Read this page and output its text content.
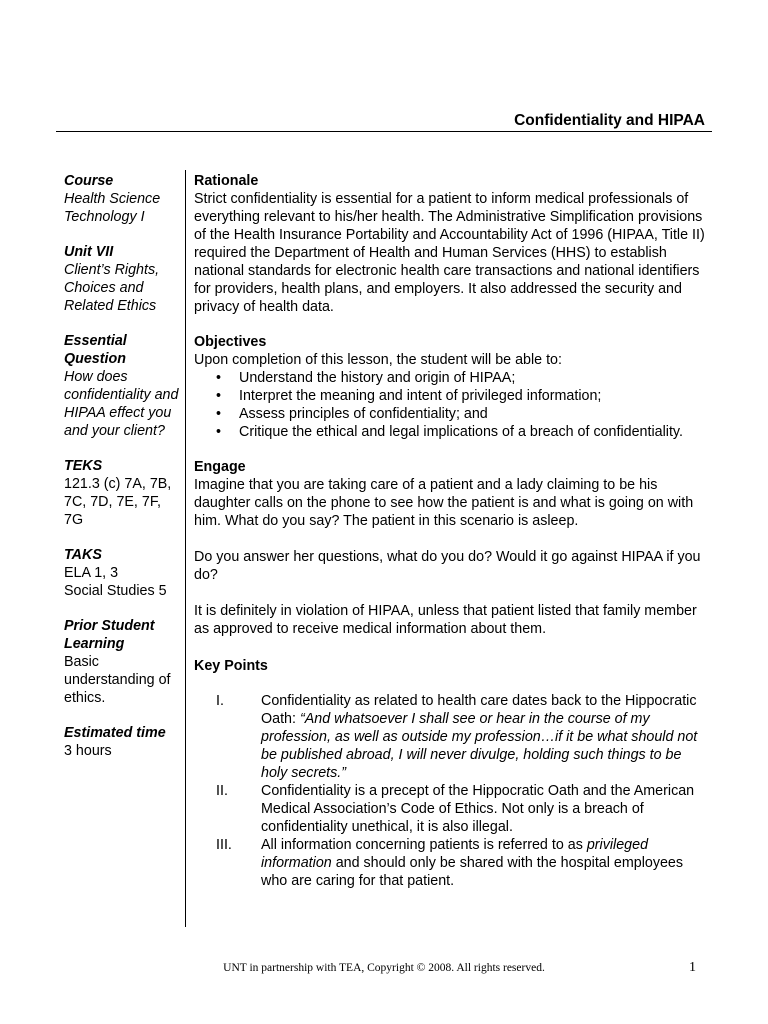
Confidentiality and HIPAA
Course
Health Science Technology I
Unit VII
Client’s Rights, Choices and Related Ethics
Essential Question
How does confidentiality and HIPAA effect you and your client?
TEKS
121.3 (c) 7A, 7B, 7C, 7D, 7E, 7F, 7G
TAKS
ELA 1, 3
Social Studies 5
Prior Student Learning
Basic understanding of ethics.
Estimated time
3 hours
Rationale

Strict confidentiality is essential for a patient to inform medical professionals of everything relevant to his/her health. The Administrative Simplification provisions of the Health Insurance Portability and Accountability Act of 1996 (HIPAA, Title II) required the Department of Health and Human Services (HHS) to establish national standards for electronic health care transactions and national identifiers for providers, health plans, and employers. It also addressed the security and privacy of health data.

Objectives

Upon completion of this lesson, the student will be able to:

• Understand the history and origin of HIPAA;
• Interpret the meaning and intent of privileged information;
• Assess principles of confidentiality; and
• Critique the ethical and legal implications of a breach of confidentiality.
Engage

Imagine that you are taking care of a patient and a lady claiming to be his daughter calls on the phone to see how the patient is and what is going on with him. What do you say? The patient in this scenario is asleep.

Do you answer her questions, what do you do? Would it go against HIPAA if you do?

It is definitely in violation of HIPAA, unless that patient listed that family member as approved to receive medical information about them.

Key Points
I.	Confidentiality as related to health care dates back to the Hippocratic Oath: “And whatsoever I shall see or hear in the course of my profession, as well as outside my profession…if it be what should not be published abroad, I will never divulge, holding such things to be holy secrets.”
II. Confidentiality is a precept of the Hippocratic Oath and the American Medical Association’s Code of Ethics. Not only is a breach of confidentiality unethical, it is also illegal.
III. All information concerning patients is referred to as privileged information and should only be shared with the hospital employees who are caring for that patient.
UNT in partnership with TEA, Copyright © 2008. All rights reserved.	1
